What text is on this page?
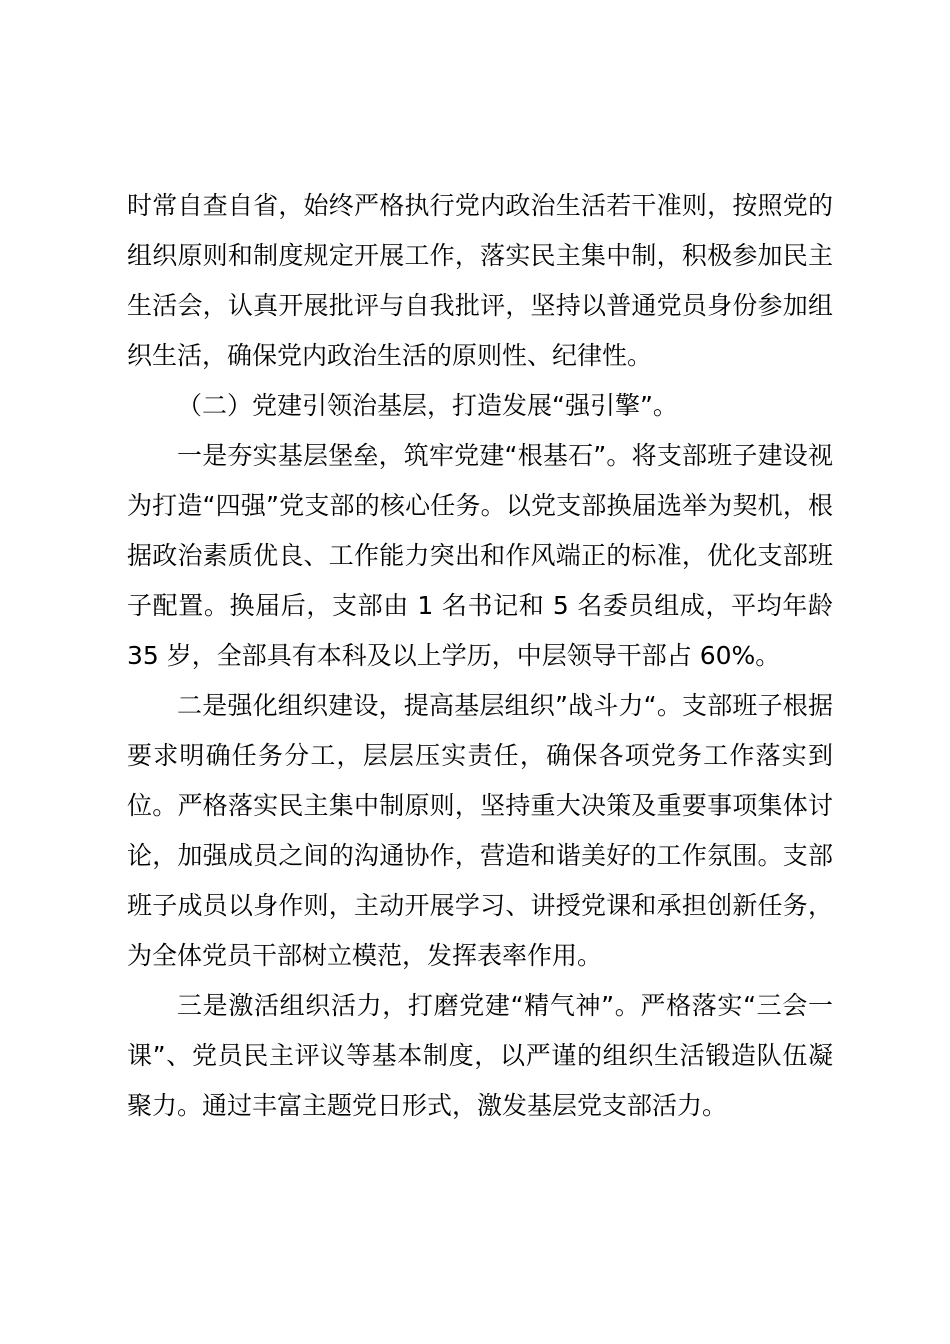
时常自查自省，始终严格执行党内政治生活若干准则，按照党的组织原则和制度规定开展工作，落实民主集中制，积极参加民主生活会，认真开展批评与自我批评，坚持以普通党员身份参加组织生活，确保党内政治生活的原则性、纪律性。

（二）党建引领治基层，打造发展“强引擎”。

一是夯实基层堡垒，筑牢党建“根基石”。将支部班子建设视为打造“四强”党支部的核心任务。以党支部换届选举为契机，根据政治素质优良、工作能力突出和作风端正的标准，优化支部班子配置。换届后，支部由 1 名书记和 5 名委员组成，平均年龄 35 岁，全部具有本科及以上学历，中层领导干部占 60%。

二是强化组织建设，提高基层组织”战斗力“。支部班子根据要求明确任务分工，层层压实责任，确保各项党务工作落实到位。严格落实民主集中制原则，坚持重大决策及重要事项集体讨论，加强成员之间的沟通协作，营造和谐美好的工作氛围。支部班子成员以身作则，主动开展学习、讲授党课和承担创新任务，为全体党员干部树立模范，发挥表率作用。

三是激活组织活力，打磨党建“精气神”。严格落实“三会一课”、党员民主评议等基本制度，以严谨的组织生活锻造队伍凝聚力。通过丰富主题党日形式，激发基层党支部活力。
